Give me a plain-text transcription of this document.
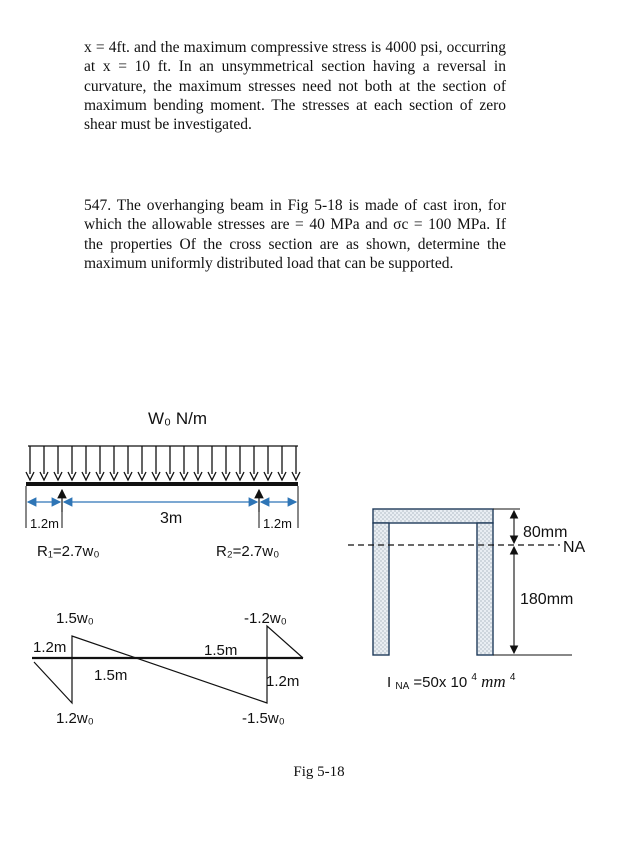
x = 4ft. and the maximum compressive stress is 4000 psi, occurring at x = 10 ft. In an unsymmetrical section having a reversal in curvature, the maximum stresses need not both at the section of maximum bending moment. The stresses at each section of zero shear must be investigated.

547. The overhanging beam in Fig 5-18 is made of cast iron, for which the allowable stresses are = 40 MPa and σc = 100 MPa. If the properties Of the cross section are as shown, determine the maximum uniformly distributed load that can be supported.

W₀ N/m
1.2m	3m	1.2m
R₁=2.7w₀	R₂=2.7w₀
1.5w₀	-1.2w₀
1.2m	1.5m
1.5m	1.2m
1.2w₀	-1.5w₀
80mm
NA
180mm
I NA =50x 10 $^4$ mm $^4$
Fig 5-18
